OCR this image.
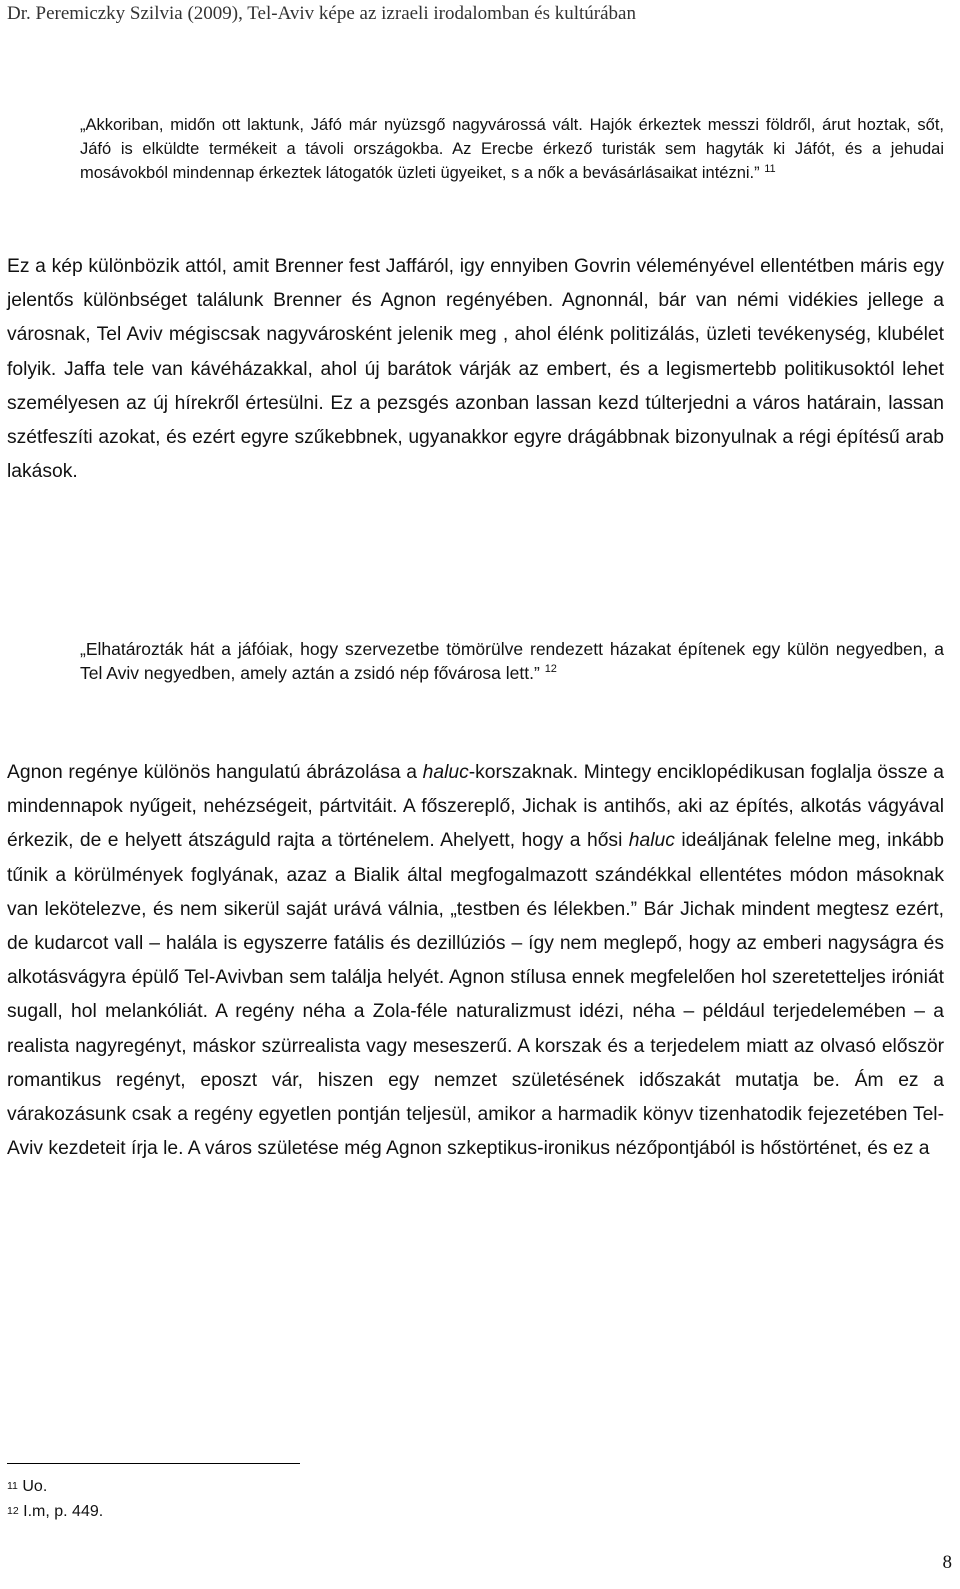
Dr. Peremiczky Szilvia (2009), Tel-Aviv képe az izraeli irodalomban és kultúrában

„Akkoriban, midőn ott laktunk, Jáfó már nyüzsgő nagyvárossá vált. Hajók érkeztek messzi földről, árut hoztak, sőt, Jáfó is elküldte termékeit a távoli országokba. Az Erecbe érkező turisták sem hagyták ki Jáfót, és a jehudai mosávokból mindennap érkeztek látogatók üzleti ügyeiket, s a nők a bevásárlásaikat intézni.” $^{11}$

Ez a kép különbözik attól, amit Brenner fest Jaffáról, igy ennyiben Govrin véleményével ellentétben máris egy jelentős különbséget találunk Brenner és Agnon regényében. Agnonnál, bár van némi vidékies jellege a városnak, Tel Aviv mégiscsak nagyvárosként jelenik meg , ahol élénk politizálás, üzleti tevékenység, klubélet folyik. Jaffa tele van kávéházakkal, ahol új barátok várják az embert, és a legismertebb politikusoktól lehet személyesen az új hírekről értesülni. Ez a pezsgés azonban lassan kezd túlterjedni a város határain, lassan szétfeszíti azokat, és ezért egyre szűkebbnek, ugyanakkor egyre drágábbnak bizonyulnak a régi építésű arab lakások.

„Elhatározták hát a jáfóiak, hogy szervezetbe tömörülve rendezett házakat építenek egy külön negyedben, a Tel Aviv negyedben, amely aztán a zsidó nép fővárosa lett.” $^{12}$

Agnon regénye különös hangulatú ábrázolása a haluc-korszaknak. Mintegy enciklopédikusan foglalja össze a mindennapok nyűgeit, nehézségeit, pártvitáit. A főszereplő, Jichak is antihős, aki az építés, alkotás vágyával érkezik, de e helyett átszáguld rajta a történelem. Ahelyett, hogy a hősi haluc ideáljának felelne meg, inkább tűnik a körülmények foglyának, azaz a Bialik által megfogalmazott szándékkal ellentétes módon másoknak van lekötelezve, és nem sikerül saját urává válnia, „testben és lélekben.” Bár Jichak mindent megtesz ezért, de kudarcot vall – halála is egyszerre fatális és dezillúziós – így nem meglepő, hogy az emberi nagyságra és alkotásvágyra épülő Tel-Avivban sem találja helyét. Agnon stílusa ennek megfelelően hol szeretetteljes iróniát sugall, hol melankóliát. A regény néha a Zola-féle naturalizmust idézi, néha – például terjedelemében – a realista nagyregényt, máskor szürrealista vagy meseszerű. A korszak és a terjedelem miatt az olvasó először romantikus regényt, eposzt vár, hiszen egy nemzet születésének időszakát mutatja be. Ám ez a várakozásunk csak a regény egyetlen pontján teljesül, amikor a harmadik könyv tizenhatodik fejezetében Tel-Aviv kezdeteit írja le. A város születése még Agnon szkeptikus-ironikus nézőpontjából is hőstörténet, és ez a

$^{11}$ Uo.
$^{12}$ I.m, p. 449.
8
